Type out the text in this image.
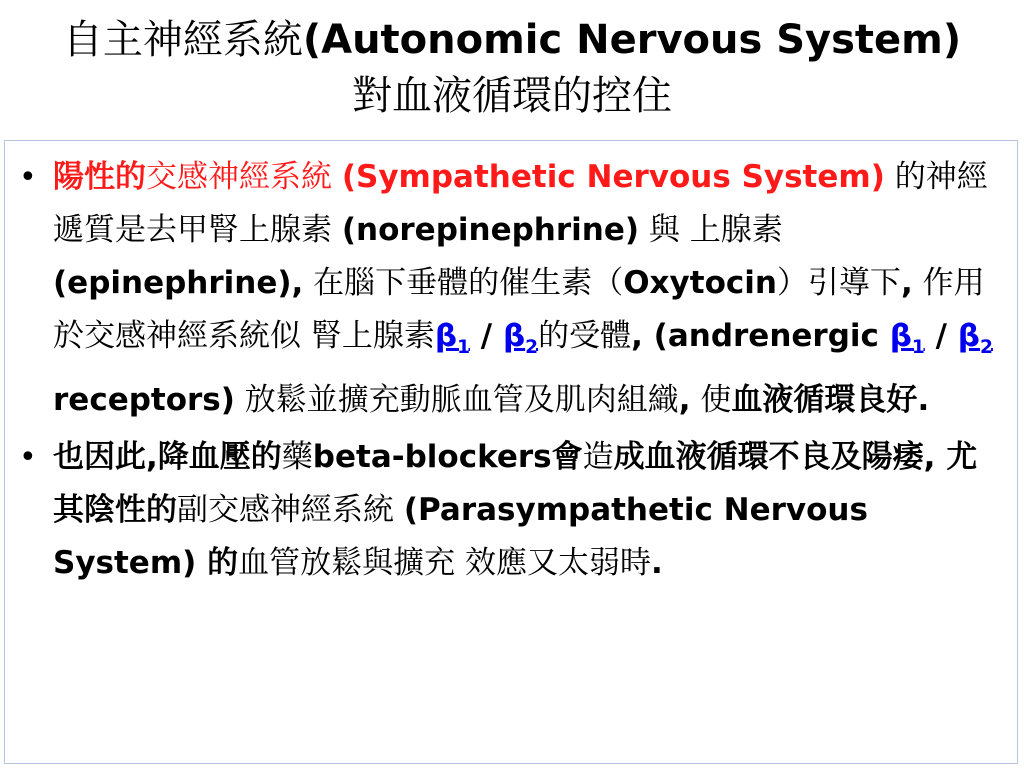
自主神經系統(Autonomic Nervous System)對血液循環的控住
• 陽性的交感神經系統 (Sympathetic Nervous System) 的神經遞質是去甲腎上腺素 (norepinephrine) 與 上腺素 (epinephrine), 在腦下垂體的催生素（Oxytocin）引導下, 作用於交感神經系統似 腎上腺素$\beta_1 / \beta_2$的受體, (andrenergic $\beta_1 / \beta_2$ receptors) 放鬆並擴充動脈血管及肌肉組織, 使血液循環良好.
• 也因此,降血壓的藥beta-blockers會造成血液循環不良及陽痿, 尤其陰性的副交感神經系統 (Parasympathetic Nervous System) 的血管放鬆與擴充 效應又太弱時.
